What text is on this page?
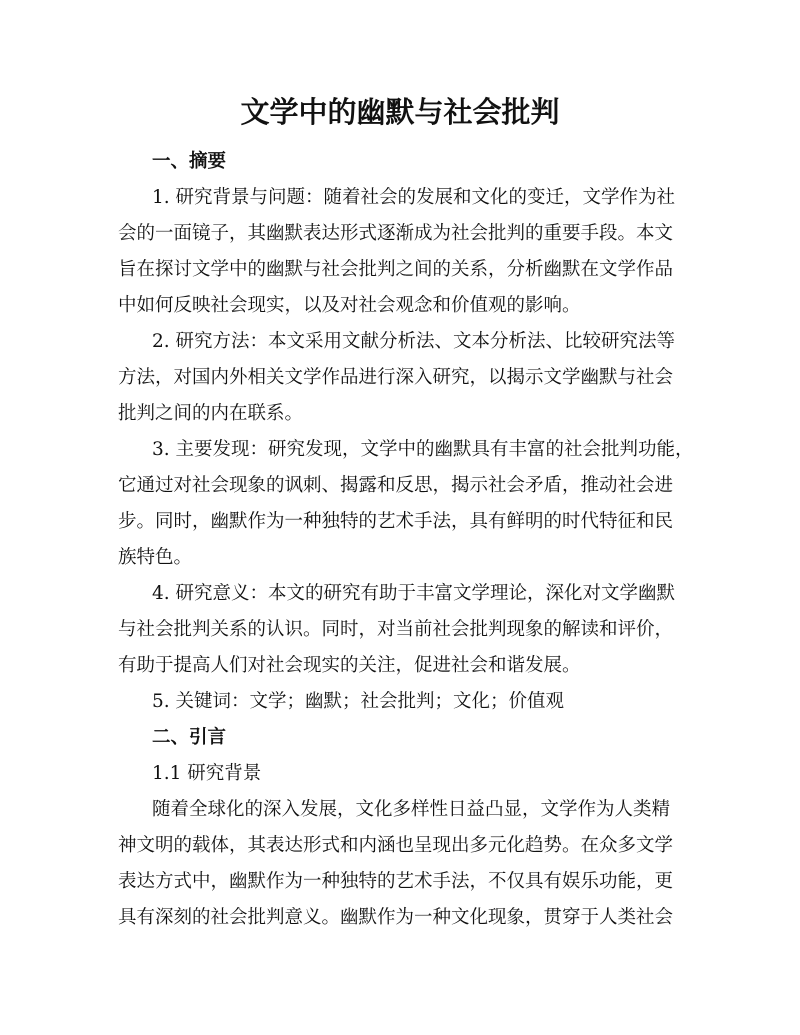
文学中的幽默与社会批判
一、摘要
1. 研究背景与问题：随着社会的发展和文化的变迁，文学作为社
会的一面镜子，其幽默表达形式逐渐成为社会批判的重要手段。本文
旨在探讨文学中的幽默与社会批判之间的关系，分析幽默在文学作品
中如何反映社会现实，以及对社会观念和价值观的影响。
2. 研究方法：本文采用文献分析法、文本分析法、比较研究法等
方法，对国内外相关文学作品进行深入研究，以揭示文学幽默与社会
批判之间的内在联系。
3. 主要发现：研究发现，文学中的幽默具有丰富的社会批判功能，
它通过对社会现象的讽刺、揭露和反思，揭示社会矛盾，推动社会进
步。同时，幽默作为一种独特的艺术手法，具有鲜明的时代特征和民
族特色。
4. 研究意义：本文的研究有助于丰富文学理论，深化对文学幽默
与社会批判关系的认识。同时，对当前社会批判现象的解读和评价，
有助于提高人们对社会现实的关注，促进社会和谐发展。
5. 关键词：文学；幽默；社会批判；文化；价值观
二、引言
1.1 研究背景
随着全球化的深入发展，文化多样性日益凸显，文学作为人类精
神文明的载体，其表达形式和内涵也呈现出多元化趋势。在众多文学
表达方式中，幽默作为一种独特的艺术手法，不仅具有娱乐功能，更
具有深刻的社会批判意义。幽默作为一种文化现象，贯穿于人类社会
